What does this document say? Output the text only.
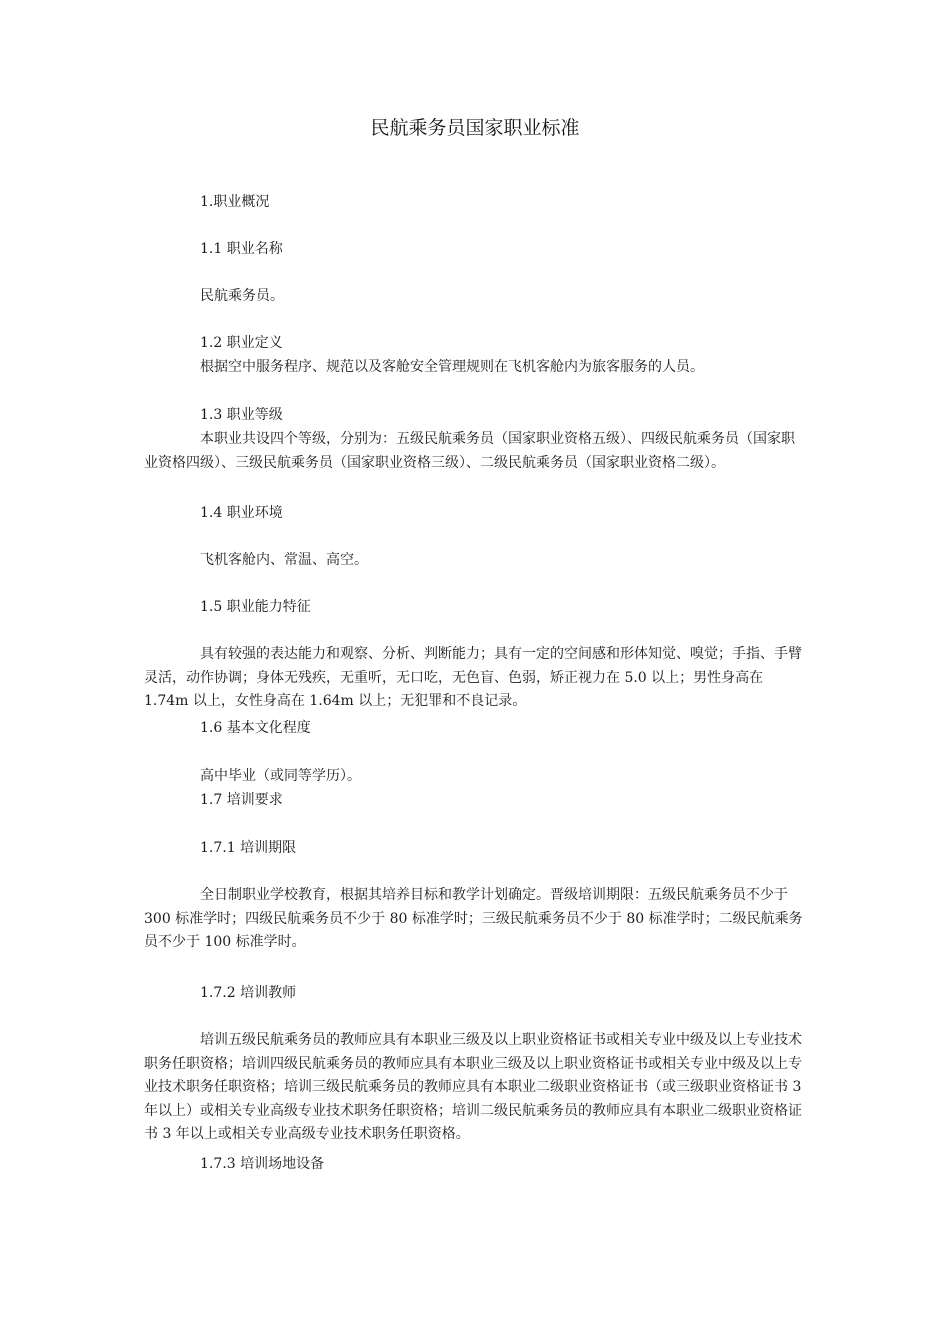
民航乘务员国家职业标准
1.职业概况
1.1 职业名称
民航乘务员。
1.2 职业定义
根据空中服务程序、规范以及客舱安全管理规则在飞机客舱内为旅客服务的人员。
1.3 职业等级
本职业共设四个等级，分别为：五级民航乘务员（国家职业资格五级）、四级民航乘务员（国家职业资格四级）、三级民航乘务员（国家职业资格三级）、二级民航乘务员（国家职业资格二级）。
1.4 职业环境
飞机客舱内、常温、高空。
1.5 职业能力特征
具有较强的表达能力和观察、分析、判断能力；具有一定的空间感和形体知觉、嗅觉；手指、手臂灵活，动作协调；身体无残疾，无重听，无口吃，无色盲、色弱，矫正视力在 5.0 以上；男性身高在 1.74m 以上，女性身高在 1.64m 以上；无犯罪和不良记录。
1.6 基本文化程度
高中毕业（或同等学历）。
1.7 培训要求
1.7.1 培训期限
全日制职业学校教育，根据其培养目标和教学计划确定。晋级培训期限：五级民航乘务员不少于 300 标准学时；四级民航乘务员不少于 80 标准学时；三级民航乘务员不少于 80 标准学时；二级民航乘务员不少于 100 标准学时。
1.7.2 培训教师
培训五级民航乘务员的教师应具有本职业三级及以上职业资格证书或相关专业中级及以上专业技术职务任职资格；培训四级民航乘务员的教师应具有本职业三级及以上职业资格证书或相关专业中级及以上专业技术职务任职资格；培训三级民航乘务员的教师应具有本职业二级职业资格证书（或三级职业资格证书 3 年以上）或相关专业高级专业技术职务任职资格；培训二级民航乘务员的教师应具有本职业二级职业资格证书 3 年以上或相关专业高级专业技术职务任职资格。
1.7.3 培训场地设备
